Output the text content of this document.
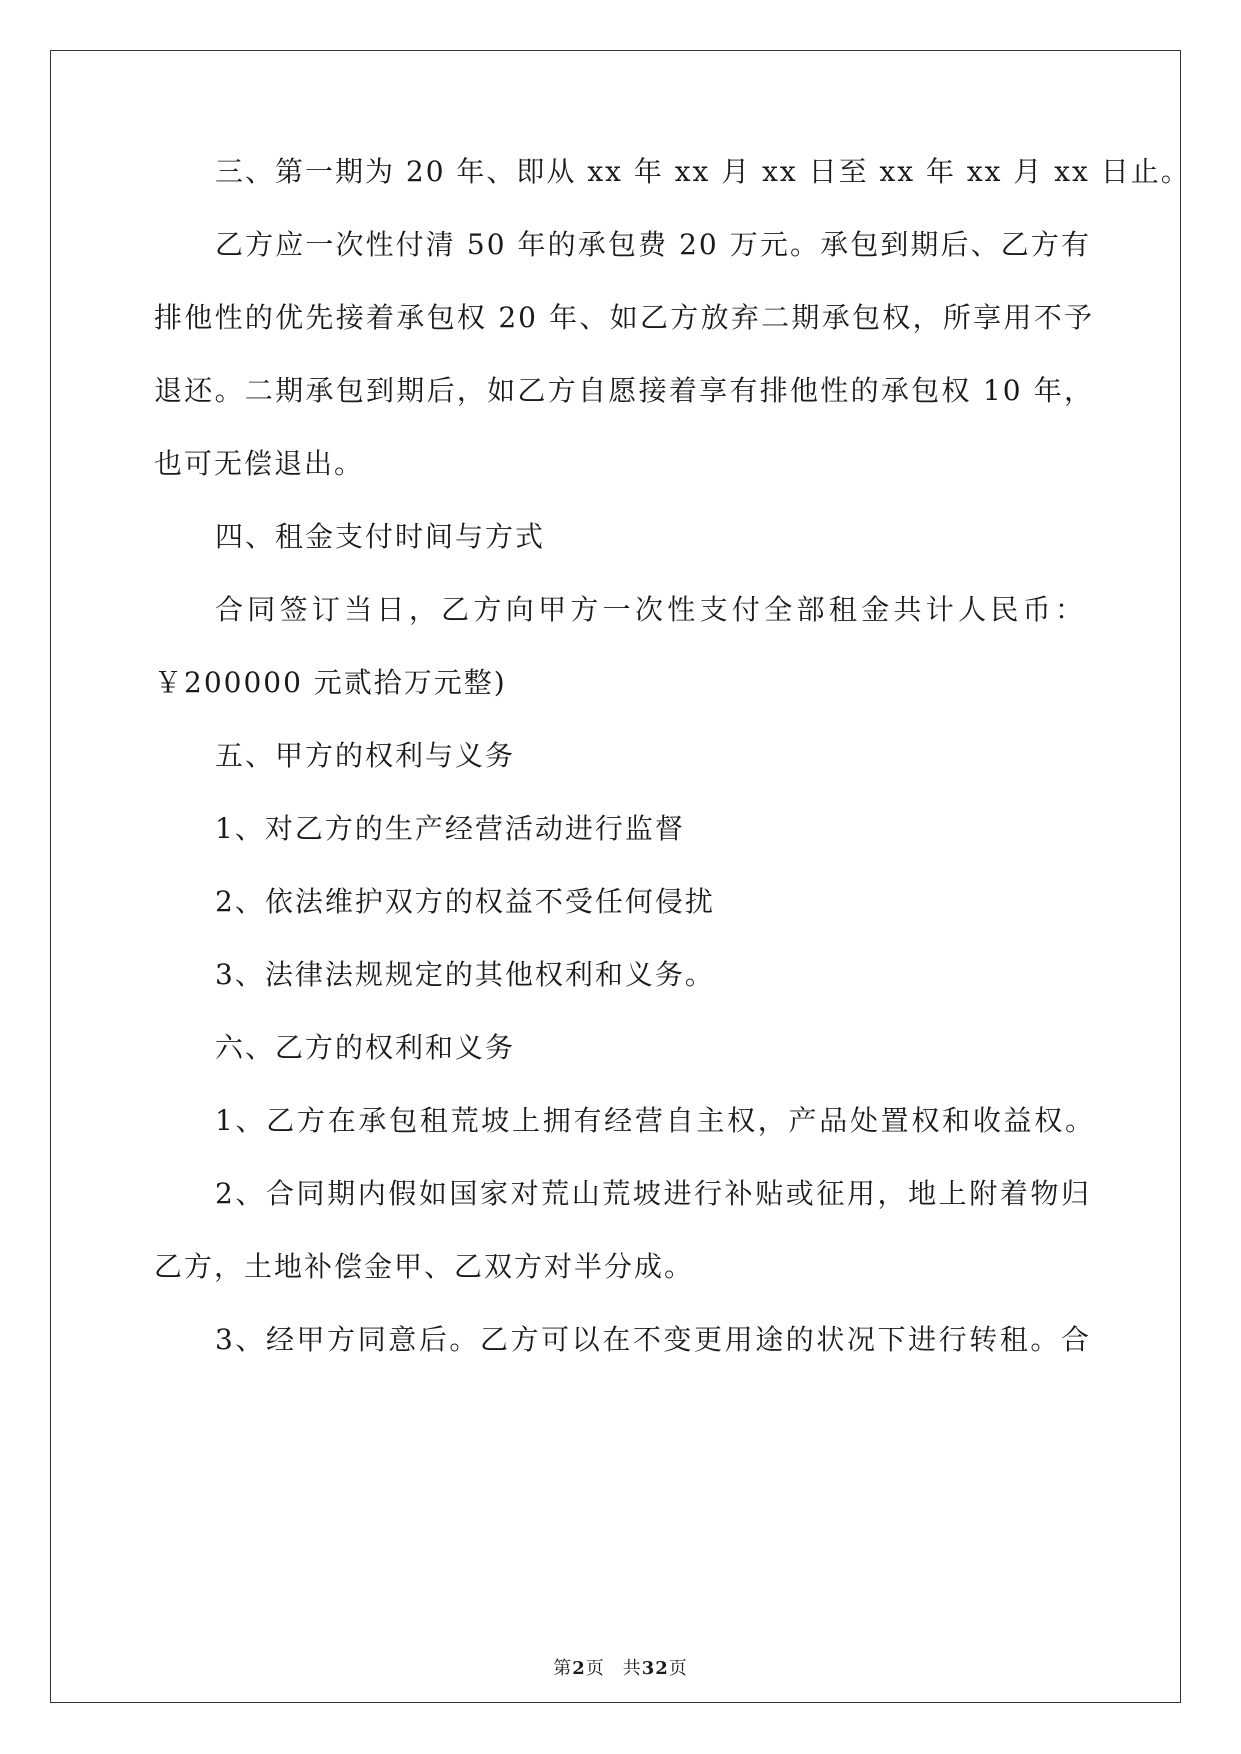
三、第一期为 20 年、即从 xx 年 xx 月 xx 日至 xx 年 xx 月 xx 日止。
乙方应一次性付清 50 年的承包费 20 万元。承包到期后、乙方有
排他性的优先接着承包权 20 年、如乙方放弃二期承包权，所享用不予
退还。二期承包到期后，如乙方自愿接着享有排他性的承包权 10 年，
也可无偿退出。
四、租金支付时间与方式
合同签订当日，乙方向甲方一次性支付全部租金共计人民币：
￥200000 元贰拾万元整)
五、甲方的权利与义务
1、对乙方的生产经营活动进行监督
2、依法维护双方的权益不受任何侵扰
3、法律法规规定的其他权利和义务。
六、乙方的权利和义务
1、乙方在承包租荒坡上拥有经营自主权，产品处置权和收益权。
2、合同期内假如国家对荒山荒坡进行补贴或征用，地上附着物归
乙方，土地补偿金甲、乙双方对半分成。
3、经甲方同意后。乙方可以在不变更用途的状况下进行转租。合
第2页 共32页
